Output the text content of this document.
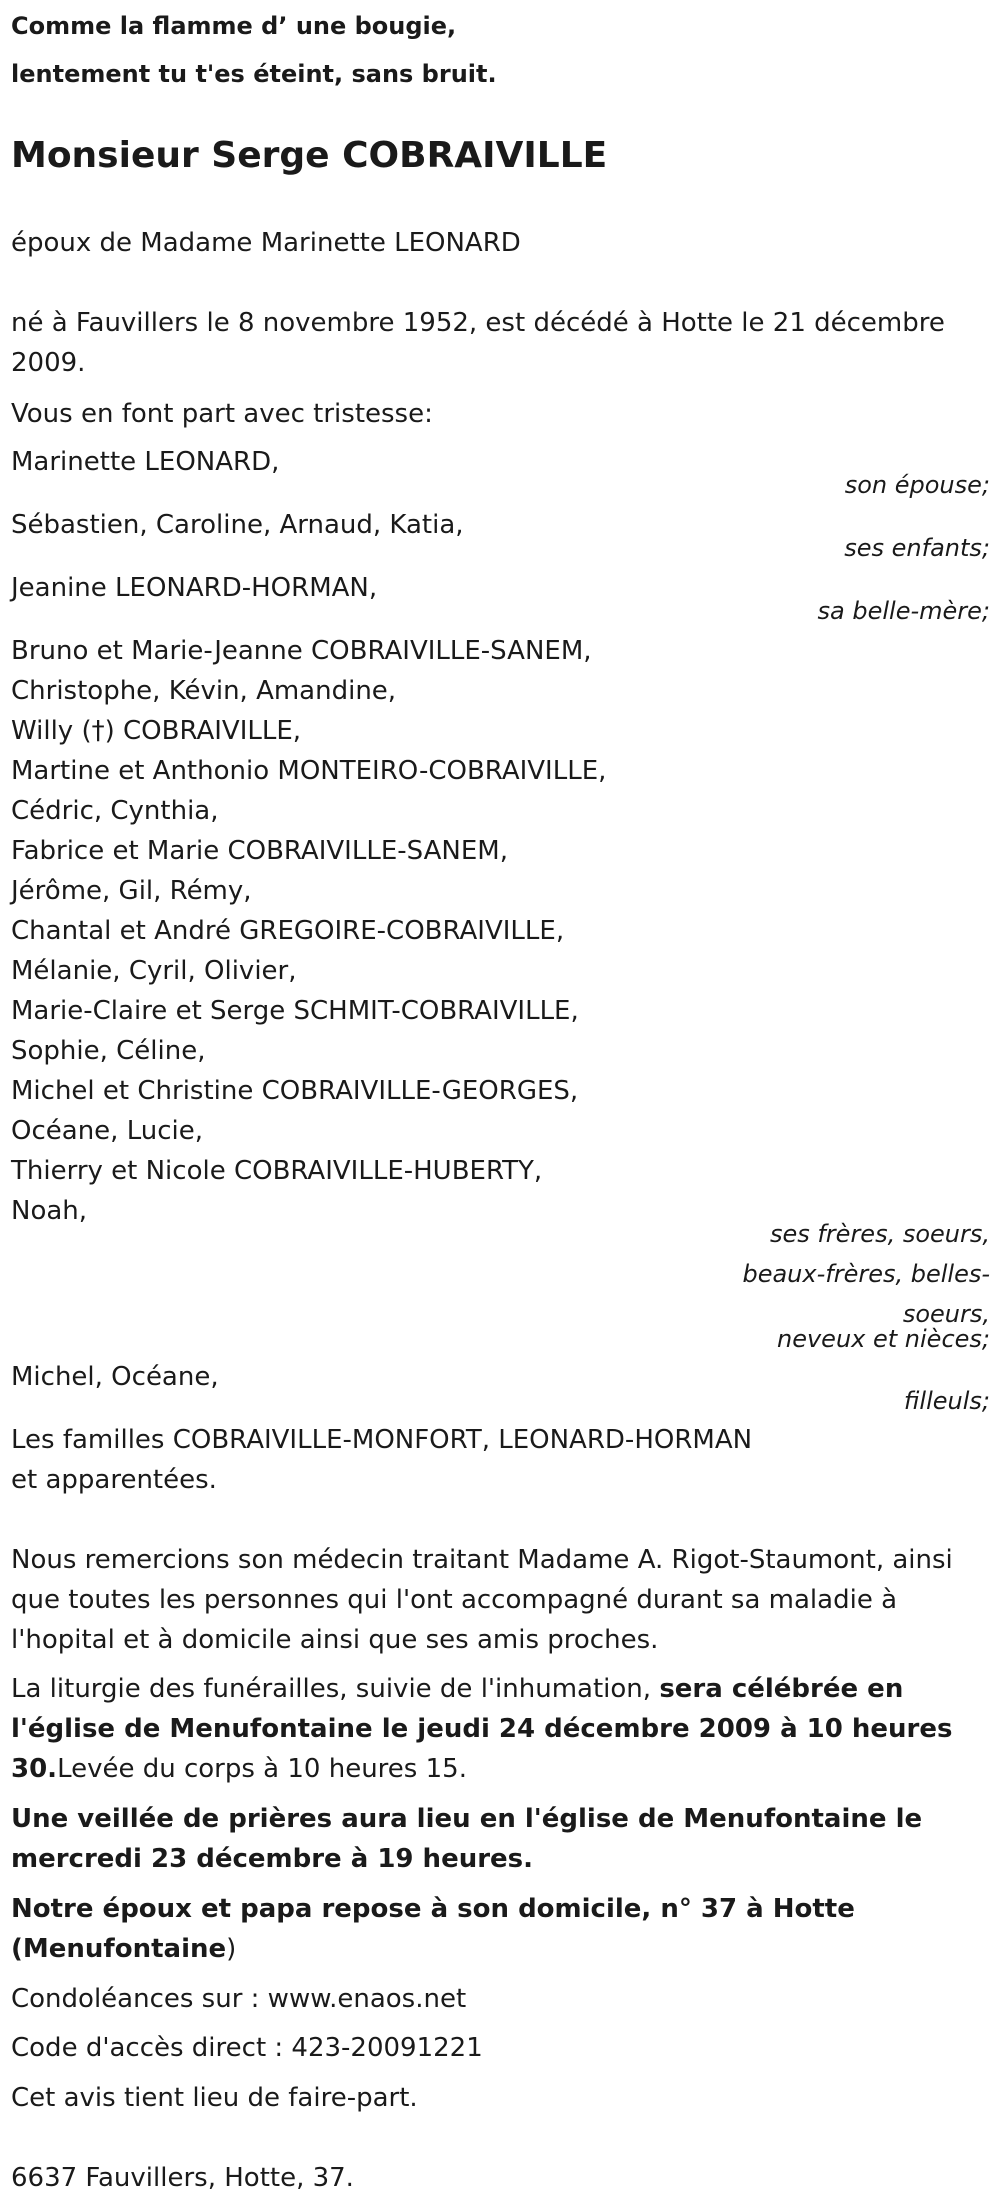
Comme la flamme d’ une bougie,

lentement tu t'es éteint, sans bruit.

Monsieur Serge COBRAIVILLE

époux de Madame Marinette LEONARD

né à Fauvillers le 8 novembre 1952, est décédé à Hotte le 21 décembre

2009.

Vous en font part avec tristesse:

Marinette LEONARD,

son épouse;

Sébastien, Caroline, Arnaud, Katia,

ses enfants;

Jeanine LEONARD-HORMAN,

sa belle-mère;

Bruno et Marie-Jeanne COBRAIVILLE-SANEM,

Christophe, Kévin, Amandine,

Willy (†) COBRAIVILLE,

Martine et Anthonio MONTEIRO-COBRAIVILLE,

Cédric, Cynthia,

Fabrice et Marie COBRAIVILLE-SANEM,

Jérôme, Gil, Rémy,

Chantal et André GREGOIRE-COBRAIVILLE,

Mélanie, Cyril, Olivier,

Marie-Claire et Serge SCHMIT-COBRAIVILLE,

Sophie, Céline,

Michel et Christine COBRAIVILLE-GEORGES,

Océane, Lucie,

Thierry et Nicole COBRAIVILLE-HUBERTY,

Noah,

ses frères, soeurs,

beaux-frères, belles-

soeurs,

neveux et nièces;

Michel, Océane,

filleuls;

Les familles COBRAIVILLE-MONFORT, LEONARD-HORMAN

et apparentées.

Nous remercions son médecin traitant Madame A. Rigot-Staumont, ainsi

que toutes les personnes qui l'ont accompagné durant sa maladie à

l'hopital et à domicile ainsi que ses amis proches.

La liturgie des funérailles, suivie de l'inhumation, sera célébrée en

l'église de Menufontaine le jeudi 24 décembre 2009 à 10 heures

30.Levée du corps à 10 heures 15.

Une veillée de prières aura lieu en l'église de Menufontaine le

mercredi 23 décembre à 19 heures.

Notre époux et papa repose à son domicile, n° 37 à Hotte

(Menufontaine)

Condoléances sur : www.enaos.net

Code d'accès direct : 423-20091221

Cet avis tient lieu de faire-part.

6637 Fauvillers, Hotte, 37.
